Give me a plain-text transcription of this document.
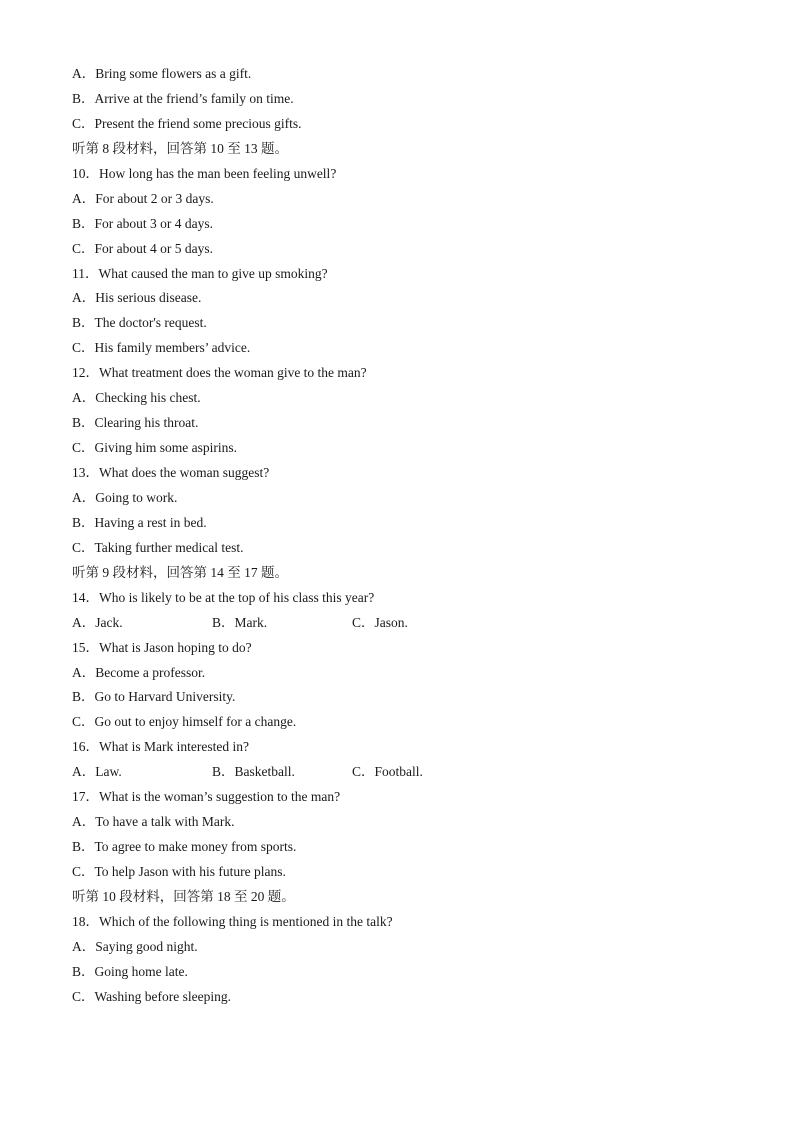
A．Bring some flowers as a gift.
B．Arrive at the friend’s family on time.
C．Present the friend some precious gifts.
听第 8 段材料，回答第 10 至 13 题。
10．How long has the man been feeling unwell?
A．For about 2 or 3 days.
B．For about 3 or 4 days.
C．For about 4 or 5 days.
11．What caused the man to give up smoking?
A．His serious disease.
B．The doctor's request.
C．His family members’ advice.
12．What treatment does the woman give to the man?
A．Checking his chest.
B．Clearing his throat.
C．Giving him some aspirins.
13．What does the woman suggest?
A．Going to work.
B．Having a rest in bed.
C．Taking further medical test.
听第 9 段材料，回答第 14 至 17 题。
14．Who is likely to be at the top of his class this year?
A．Jack.	B．Mark.	C．Jason.
15．What is Jason hoping to do?
A．Become a professor.
B．Go to Harvard University.
C．Go out to enjoy himself for a change.
16．What is Mark interested in?
A．Law.	B．Basketball.	C．Football.
17．What is the woman’s suggestion to the man?
A．To have a talk with Mark.
B．To agree to make money from sports.
C．To help Jason with his future plans.
听第 10 段材料，回答第 18 至 20 题。
18．Which of the following thing is mentioned in the talk?
A．Saying good night.
B．Going home late.
C．Washing before sleeping.
